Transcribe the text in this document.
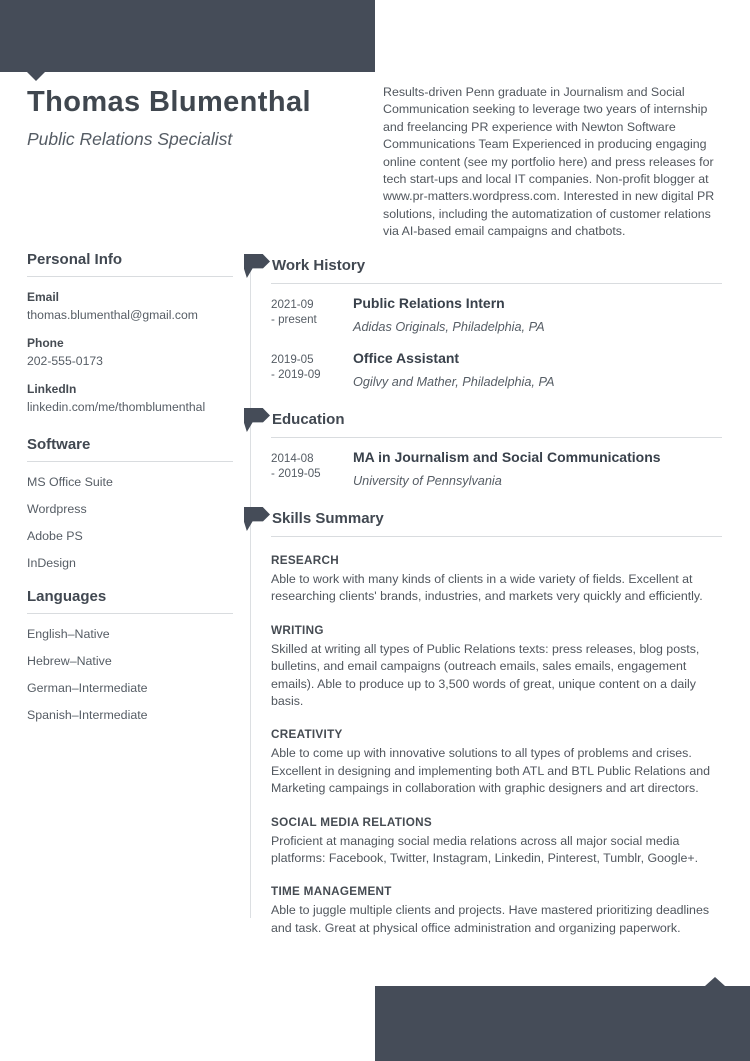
Thomas Blumenthal
Public Relations Specialist

Results-driven Penn graduate in Journalism and Social Communication seeking to leverage two years of internship and freelancing PR experience with Newton Software Communications Team Experienced in producing engaging online content (see my portfolio here) and press releases for tech start-ups and local IT companies. Non-profit blogger at www.pr-matters.wordpress.com. Interested in new digital PR solutions, including the automatization of customer relations via AI-based email campaigns and chatbots.

Personal Info
Email
thomas.blumenthal@gmail.com
Phone
202-555-0173
LinkedIn
linkedin.com/me/thomblumenthal
Software
MS Office Suite
Wordpress
Adobe PS
InDesign
Languages
English–Native
Hebrew–Native
German–Intermediate
Spanish–Intermediate
Work History
2021-09
- present
Public Relations Intern
Adidas Originals, Philadelphia, PA
2019-05
- 2019-09
Office Assistant
Ogilvy and Mather, Philadelphia, PA
Education
2014-08
- 2019-05
MA in Journalism and Social Communications
University of Pennsylvania
Skills Summary
RESEARCH

Able to work with many kinds of clients in a wide variety of fields. Excellent at researching clients' brands, industries, and markets very quickly and efficiently.

WRITING

Skilled at writing all types of Public Relations texts: press releases, blog posts, bulletins, and email campaigns (outreach emails, sales emails, engagement emails). Able to produce up to 3,500 words of great, unique content on a daily basis.

CREATIVITY

Able to come up with innovative solutions to all types of problems and crises. Excellent in designing and implementing both ATL and BTL Public Relations and Marketing campaings in collaboration with graphic designers and art directors.

SOCIAL MEDIA RELATIONS

Proficient at managing social media relations across all major social media platforms: Facebook, Twitter, Instagram, Linkedin, Pinterest, Tumblr, Google+.

TIME MANAGEMENT

Able to juggle multiple clients and projects. Have mastered prioritizing deadlines and task. Great at physical office administration and organizing paperwork.
